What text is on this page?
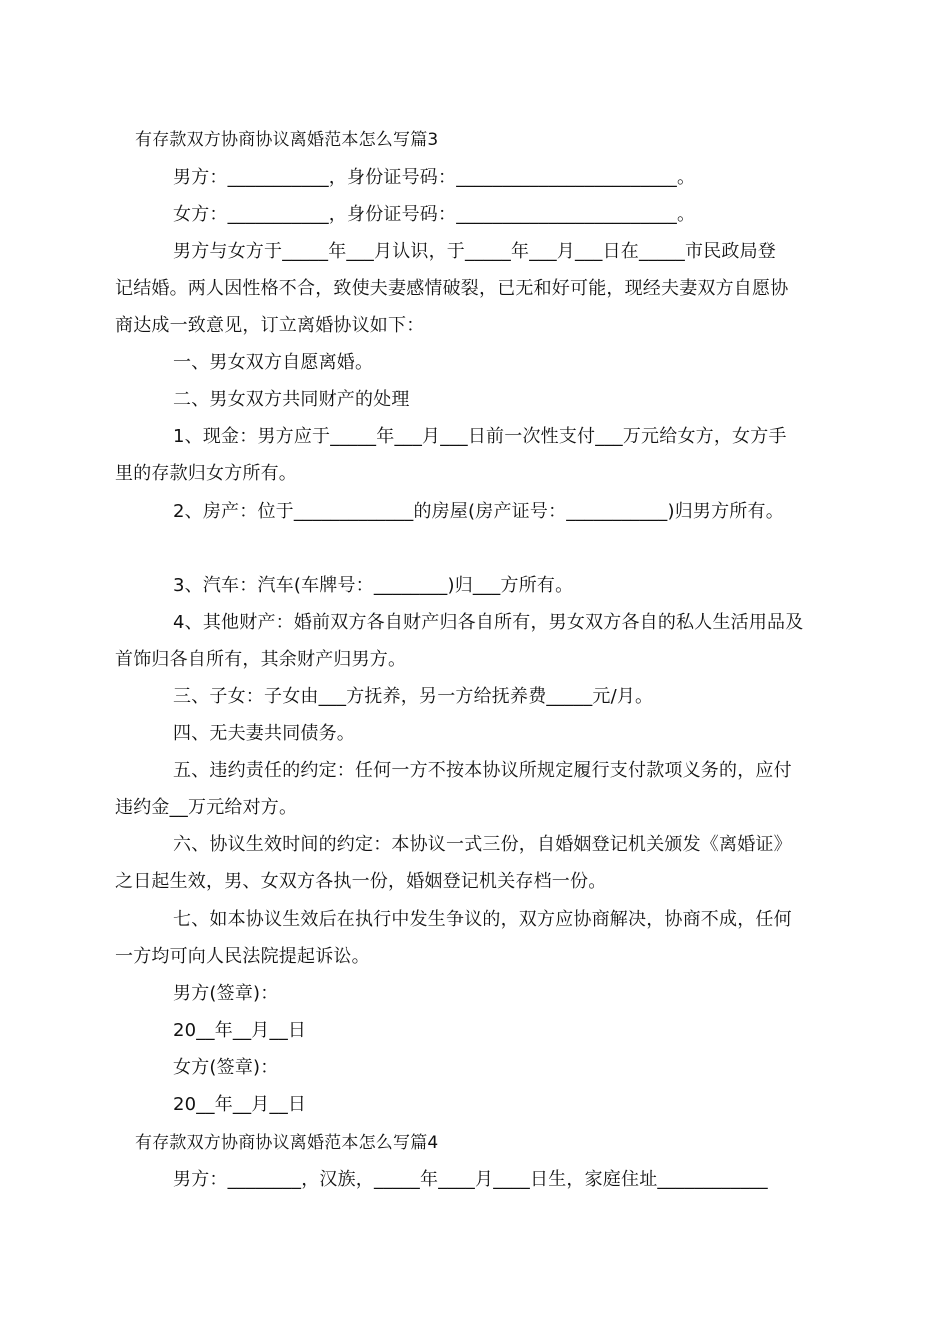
有存款双方协商协议离婚范本怎么写篇3
男方：___________，身份证号码：________________________。
女方：___________，身份证号码：________________________。
男方与女方于_____年___月认识，于_____年___月___日在_____市民政局登
记结婚。两人因性格不合，致使夫妻感情破裂，已无和好可能，现经夫妻双方自愿协
商达成一致意见，订立离婚协议如下：
一、男女双方自愿离婚。
二、男女双方共同财产的处理
1、现金：男方应于_____年___月___日前一次性支付___万元给女方，女方手
里的存款归女方所有。
2、房产：位于_____________的房屋(房产证号：___________)归男方所有。
3、汽车：汽车(车牌号：________)归___方所有。
4、其他财产：婚前双方各自财产归各自所有，男女双方各自的私人生活用品及
首饰归各自所有，其余财产归男方。
三、子女：子女由___方抚养，另一方给抚养费_____元/月。
四、无夫妻共同债务。
五、违约责任的约定：任何一方不按本协议所规定履行支付款项义务的，应付
违约金__万元给对方。
六、协议生效时间的约定：本协议一式三份，自婚姻登记机关颁发《离婚证》
之日起生效，男、女双方各执一份，婚姻登记机关存档一份。
七、如本协议生效后在执行中发生争议的，双方应协商解决，协商不成，任何
一方均可向人民法院提起诉讼。
男方(签章)：
20__年__月__日
女方(签章)：
20__年__月__日
有存款双方协商协议离婚范本怎么写篇4
男方：________，汉族，_____年____月____日生，家庭住址____________
